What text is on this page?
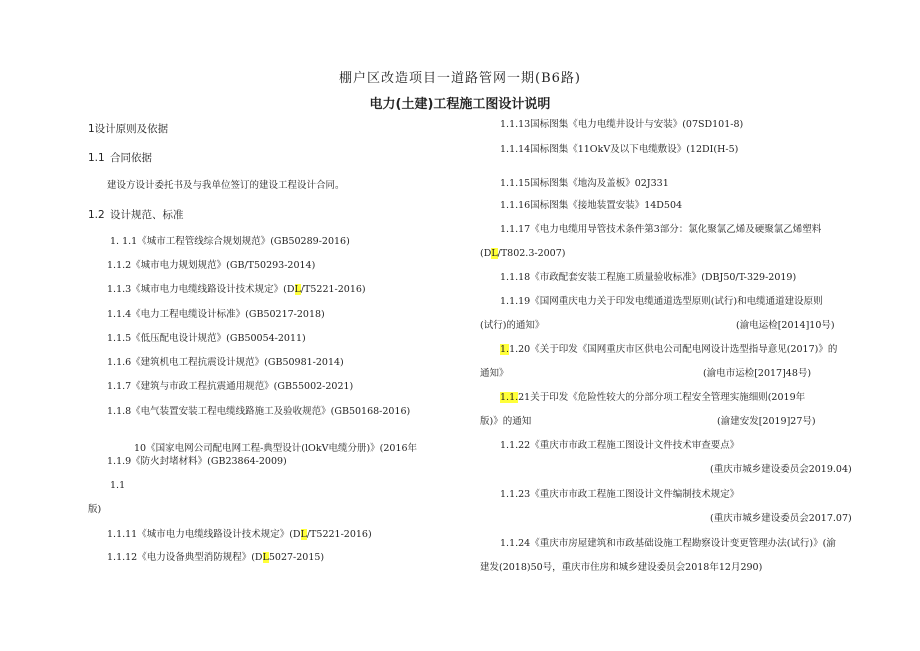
棚户区改造项目一道路管网一期(B6路)
电力(土建)工程施工图设计说明
1设计原则及依据
1.1 合同依据
建设方设计委托书及与我单位签订的建设工程设计合同。
1.2 设计规范、标准
1. 1.1《城市工程管线综合规划规范》(GB50289-2016)
1.1.2《城市电力规划规范》(GB/T50293-2014)
1.1.3《城市电力电缆线路设计技术规定》(DL/T5221-2016)
1.1.4《电力工程电缆设计标准》(GB50217-2018)
1.1.5《低压配电设计规范》(GB50054-2011)
1.1.6《建筑机电工程抗震设计规范》(GB50981-2014)
1.1.7《建筑与市政工程抗震通用规范》(GB55002-2021)
1.1.8《电气装置安装工程电缆线路施工及验收规范》(GB50168-2016)
10《国家电网公司配电网工程-典型设计(lOkV电缆分册)》(2016年
1.1.9《防火封堵材料》(GB23864-2009)
1.1
版)
1.1.11《城市电力电缆线路设计技术规定》(DL/T5221-2016)
1.1.12《电力设备典型消防规程》(DL5027-2015)
1.1.13国标图集《电力电缆井设计与安装》(07SD101-8)
1.1.14国标图集《11OkV及以下电缆敷设》(12DI(H-5)
1.1.15国标图集《地沟及盖板》02J331
1.1.16国标图集《接地装置安装》14D504
1.1.17《电力电缆用导管技术条件第3部分：氯化聚氯乙烯及硬聚氯乙烯塑料
(DL/T802.3-2007)
1.1.18《市政配套安装工程施工质量验收标准》(DBJ50/T-329-2019)
1.1.19《国网重庆电力关于印发电缆通道选型原则(试行)和电缆通道建设原则
(试行)的通知》	(渝电运检[2014]10号)
1.1.20《关于印发《国网重庆市区供电公司配电网设计选型指导意见(2017)》的
通知》	(渝电市运检[2017]48号)
1.1.21关于印发《危险性较大的分部分项工程安全管理实施细则(2019年
版)》的通知	(渝建安发[2019]27号)
1.1.22《重庆市市政工程施工图设计文件技术审查要点》
(重庆市城乡建设委员会2019.04)
1.1.23《重庆市市政工程施工图设计文件编制技术规定》
(重庆市城乡建设委员会2017.07)
1.1.24《重庆市房屋建筑和市政基础设施工程勘察设计变更管理办法(试行)》(渝
建发(2018)50号，重庆市住房和城乡建设委员会2018年12月290)
